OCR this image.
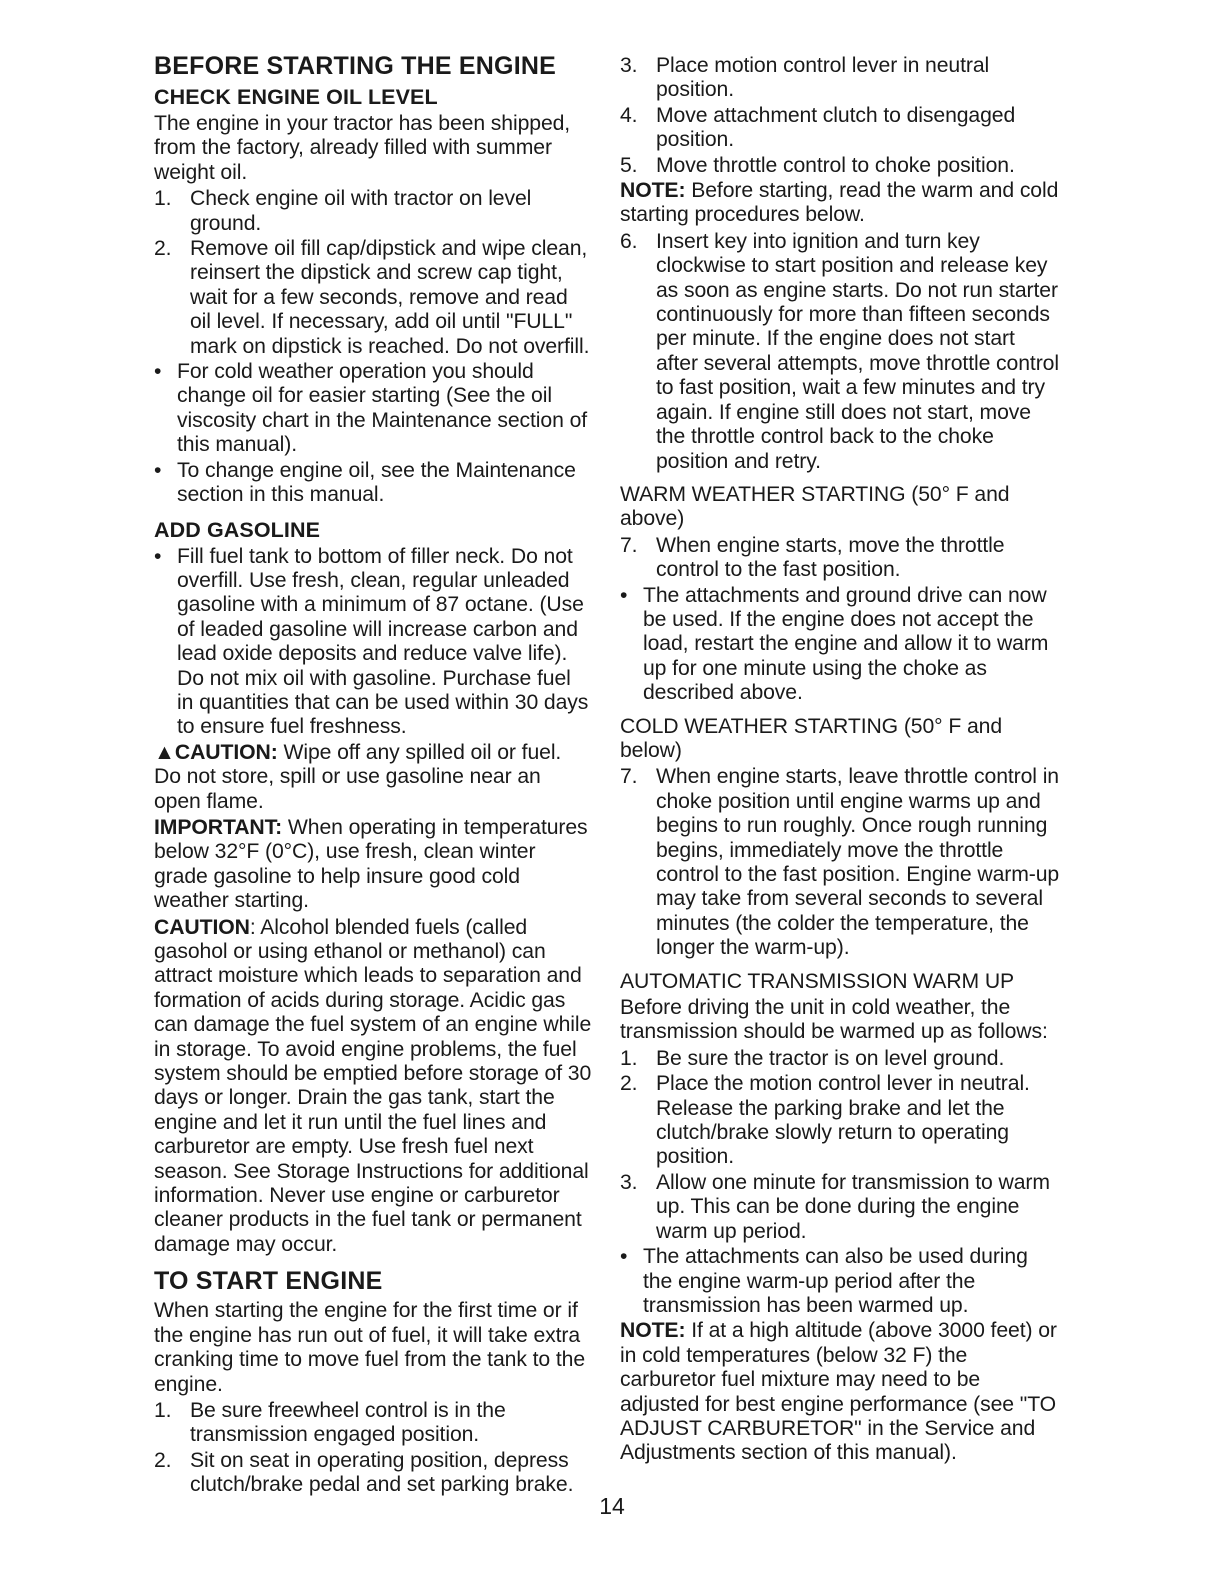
BEFORE STARTING THE ENGINE
CHECK ENGINE OIL LEVEL

The engine in your tractor has been shipped, from the factory, already filled with summer weight oil.

1. Check engine oil with tractor on level ground.
2. Remove oil fill cap/dipstick and wipe clean, reinsert the dipstick and screw cap tight, wait for a few seconds, remove and read oil level. If necessary, add oil until "FULL" mark on dipstick is reached. Do not overfill.
• For cold weather operation you should change oil for easier starting (See the oil viscosity chart in the Maintenance section of this manual).
• To change engine oil, see the Maintenance section in this manual.
ADD GASOLINE
• Fill fuel tank to bottom of filler neck. Do not overfill. Use fresh, clean, regular unleaded gasoline with a minimum of 87 octane. (Use of leaded gasoline will increase carbon and lead oxide deposits and reduce valve life). Do not mix oil with gasoline. Purchase fuel in quantities that can be used within 30 days to ensure fuel freshness.

▲CAUTION: Wipe off any spilled oil or fuel. Do not store, spill or use gasoline near an open flame.

IMPORTANT: When operating in temperatures below 32°F (0°C), use fresh, clean winter grade gasoline to help insure good cold weather starting.

CAUTION: Alcohol blended fuels (called gasohol or using ethanol or methanol) can attract moisture which leads to separation and formation of acids during storage. Acidic gas can damage the fuel system of an engine while in storage. To avoid engine problems, the fuel system should be emptied before storage of 30 days or longer. Drain the gas tank, start the engine and let it run until the fuel lines and carburetor are empty. Use fresh fuel next season. See Storage Instructions for additional information. Never use engine or carburetor cleaner products in the fuel tank or permanent damage may occur.

TO START ENGINE

When starting the engine for the first time or if the engine has run out of fuel, it will take extra cranking time to move fuel from the tank to the engine.

1. Be sure freewheel control is in the transmission engaged position.
2. Sit on seat in operating position, depress clutch/brake pedal and set parking brake.
3. Place motion control lever in neutral position.
4. Move attachment clutch to disengaged position.
5. Move throttle control to choke position.

NOTE: Before starting, read the warm and cold starting procedures below.

6. Insert key into ignition and turn key clockwise to start position and release key as soon as engine starts. Do not run starter continuously for more than fifteen seconds per minute. If the engine does not start after several attempts, move throttle control to fast position, wait a few minutes and try again. If engine still does not start, move the throttle control back to the choke position and retry.
WARM WEATHER STARTING (50° F and above)
7. When engine starts, move the throttle control to the fast position.
• The attachments and ground drive can now be used. If the engine does not accept the load, restart the engine and allow it to warm up for one minute using the choke as described above.
COLD WEATHER STARTING (50° F and below)
7. When engine starts, leave throttle control in choke position until engine warms up and begins to run roughly. Once rough running begins, immediately move the throttle control to the fast position. Engine warm-up may take from several seconds to several minutes (the colder the temperature, the longer the warm-up).
AUTOMATIC TRANSMISSION WARM UP

Before driving the unit in cold weather, the transmission should be warmed up as follows:

1. Be sure the tractor is on level ground.
2. Place the motion control lever in neutral. Release the parking brake and let the clutch/brake slowly return to operating position.
3. Allow one minute for transmission to warm up. This can be done during the engine warm up period.
• The attachments can also be used during the engine warm-up period after the transmission has been warmed up.

NOTE: If at a high altitude (above 3000 feet) or in cold temperatures (below 32 F) the carburetor fuel mixture may need to be adjusted for best engine performance (see "TO ADJUST CARBURETOR" in the Service and Adjustments section of this manual).

14
